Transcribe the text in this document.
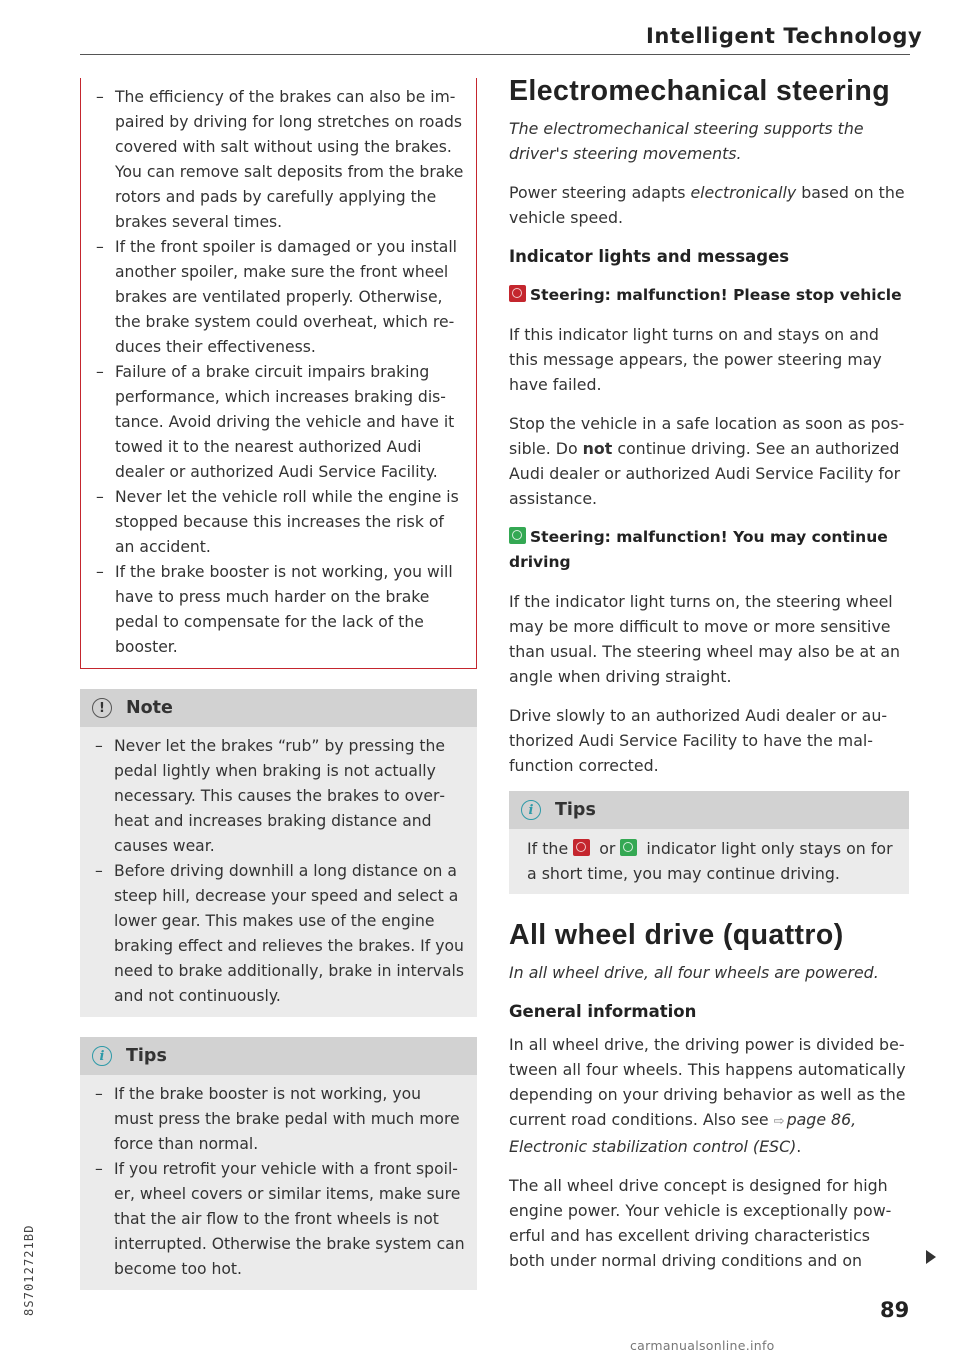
Intelligent Technology
– The efficiency of the brakes can also be impaired by driving for long stretches on roads covered with salt without using the brakes. You can remove salt deposits from the brake rotors and pads by carefully applying the brakes several times.
– If the front spoiler is damaged or you install another spoiler, make sure the front wheel brakes are ventilated properly. Otherwise, the brake system could overheat, which reduces their effectiveness.
– Failure of a brake circuit impairs braking performance, which increases braking distance. Avoid driving the vehicle and have it towed it to the nearest authorized Audi dealer or authorized Audi Service Facility.
– Never let the vehicle roll while the engine is stopped because this increases the risk of an accident.
– If the brake booster is not working, you will have to press much harder on the brake pedal to compensate for the lack of the booster.
!	Note
– Never let the brakes “rub” by pressing the pedal lightly when braking is not actually necessary. This causes the brakes to overheat and increases braking distance and causes wear.
– Before driving downhill a long distance on a steep hill, decrease your speed and select a lower gear. This makes use of the engine braking effect and relieves the brakes. If you need to brake additionally, brake in intervals and not continuously.
i	Tips
– If the brake booster is not working, you must press the brake pedal with much more force than normal.
– If you retrofit your vehicle with a front spoiler, wheel covers or similar items, make sure that the air flow to the front wheels is not interrupted. Otherwise the brake system can become too hot.
Electromechanical steering

The electromechanical steering supports the driver's steering movements.

Power steering adapts electronically based on the vehicle speed.

Indicator lights and messages
Steering: malfunction! Please stop vehicle

If this indicator light turns on and stays on and this message appears, the power steering may have failed.

Stop the vehicle in a safe location as soon as possible. Do not continue driving. See an authorized Audi dealer or authorized Audi Service Facility for assistance.

Steering: malfunction! You may continue driving

If the indicator light turns on, the steering wheel may be more difficult to move or more sensitive than usual. The steering wheel may also be at an angle when driving straight.

Drive slowly to an authorized Audi dealer or authorized Audi Service Facility to have the malfunction corrected.

i	Tips

If the  or  indicator light only stays on for a short time, you may continue driving.

All wheel drive (quattro)

In all wheel drive, all four wheels are powered.

General information

In all wheel drive, the driving power is divided between all four wheels. This happens automatically depending on your driving behavior as well as the current road conditions. Also see ⇨ page 86, Electronic stabilization control (ESC).

The all wheel drive concept is designed for high engine power. Your vehicle is exceptionally powerful and has excellent driving characteristics both under normal driving conditions and on

89
8S7012721BD
carmanualsonline.info
